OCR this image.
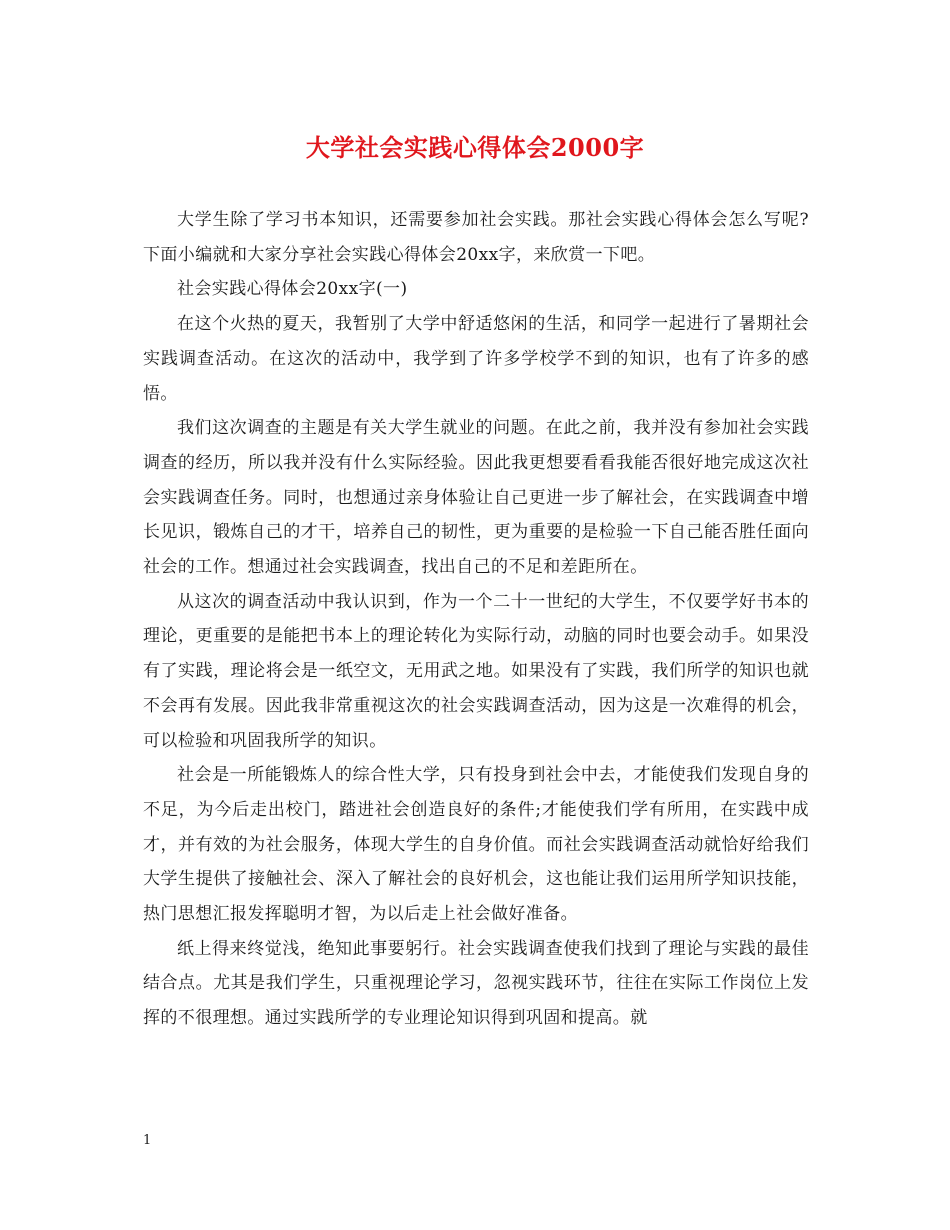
大学社会实践心得体会2000字

大学生除了学习书本知识，还需要参加社会实践。那社会实践心得体会怎么写呢?下面小编就和大家分享社会实践心得体会20xx字，来欣赏一下吧。

社会实践心得体会20xx字(一)

在这个火热的夏天，我暂别了大学中舒适悠闲的生活，和同学一起进行了暑期社会实践调查活动。在这次的活动中，我学到了许多学校学不到的知识，也有了许多的感悟。

我们这次调查的主题是有关大学生就业的问题。在此之前，我并没有参加社会实践调查的经历，所以我并没有什么实际经验。因此我更想要看看我能否很好地完成这次社会实践调查任务。同时，也想通过亲身体验让自己更进一步了解社会，在实践调查中增长见识，锻炼自己的才干，培养自己的韧性，更为重要的是检验一下自己能否胜任面向社会的工作。想通过社会实践调查，找出自己的不足和差距所在。

从这次的调查活动中我认识到，作为一个二十一世纪的大学生，不仅要学好书本的理论，更重要的是能把书本上的理论转化为实际行动，动脑的同时也要会动手。如果没有了实践，理论将会是一纸空文，无用武之地。如果没有了实践，我们所学的知识也就不会再有发展。因此我非常重视这次的社会实践调查活动，因为这是一次难得的机会，可以检验和巩固我所学的知识。

社会是一所能锻炼人的综合性大学，只有投身到社会中去，才能使我们发现自身的不足，为今后走出校门，踏进社会创造良好的条件;才能使我们学有所用，在实践中成才，并有效的为社会服务，体现大学生的自身价值。而社会实践调查活动就恰好给我们大学生提供了接触社会、深入了解社会的良好机会，这也能让我们运用所学知识技能，热门思想汇报发挥聪明才智，为以后走上社会做好准备。

纸上得来终觉浅，绝知此事要躬行。社会实践调查使我们找到了理论与实践的最佳结合点。尤其是我们学生，只重视理论学习，忽视实践环节，往往在实际工作岗位上发挥的不很理想。通过实践所学的专业理论知识得到巩固和提高。就

1
